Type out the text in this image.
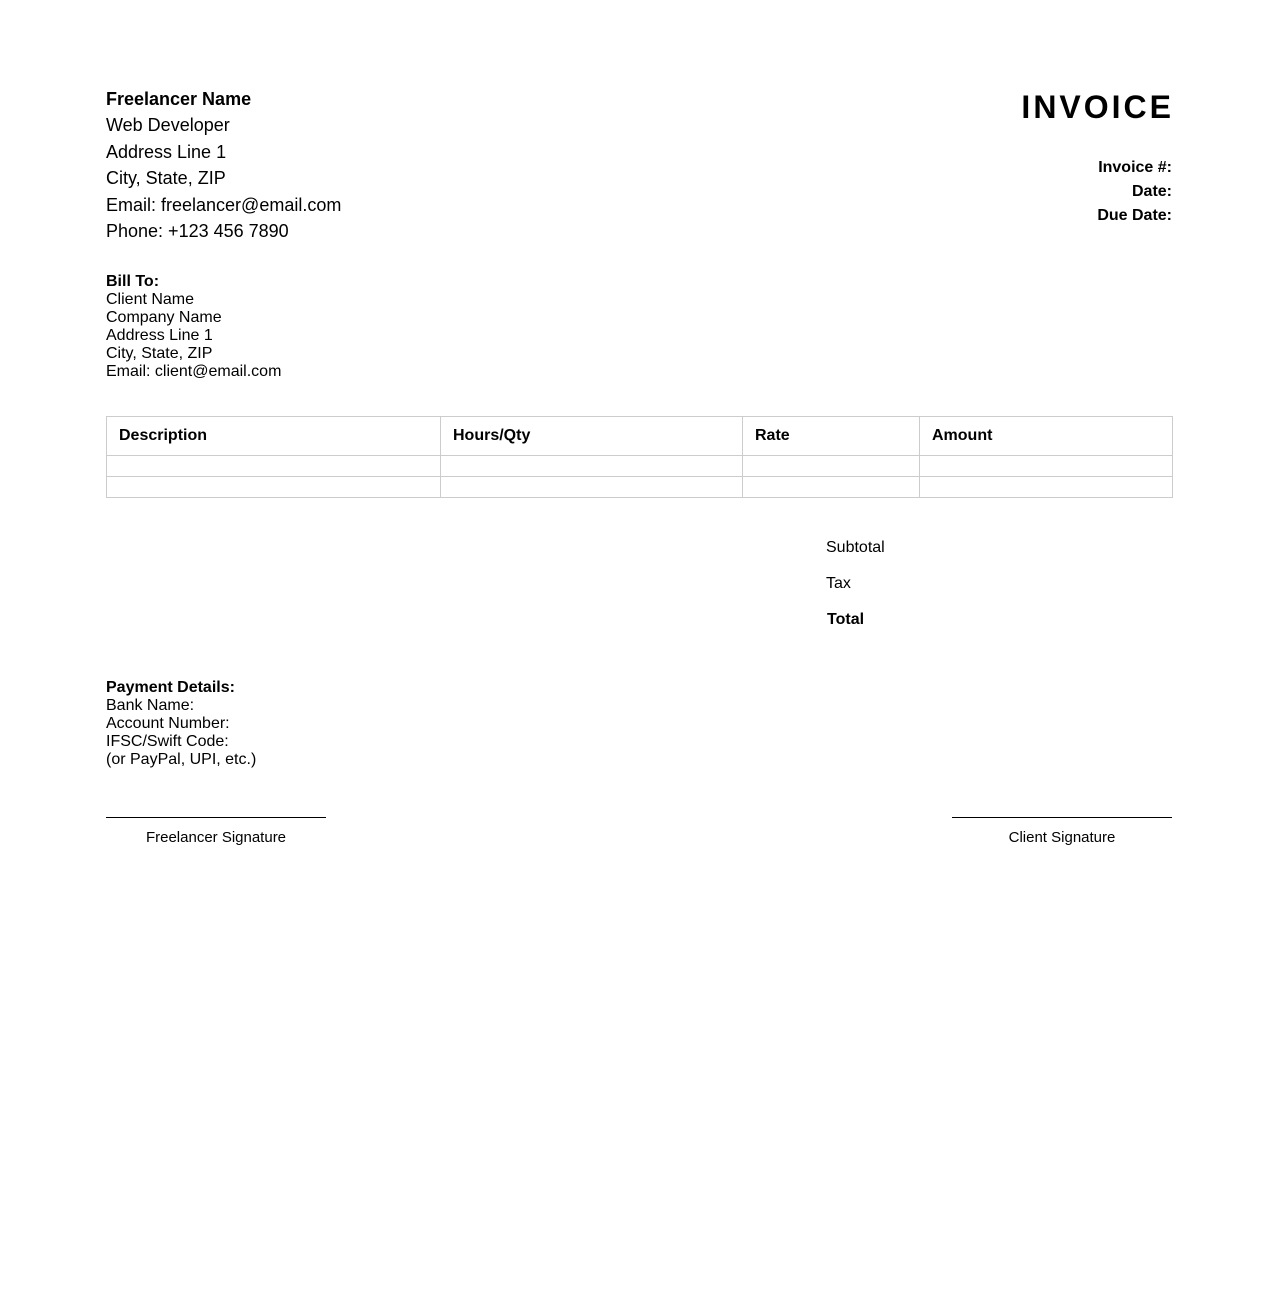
Freelancer Name
Web Developer
Address Line 1
City, State, ZIP
Email: freelancer@email.com
Phone: +123 456 7890
INVOICE
Invoice #:
Date:
Due Date:
Bill To:
Client Name
Company Name
Address Line 1
City, State, ZIP
Email: client@email.com
Description	Hours/Qty	Rate	Amount

Subtotal
Tax
Total
Payment Details:
Bank Name:
Account Number:
IFSC/Swift Code:
(or PayPal, UPI, etc.)
Freelancer Signature	Client Signature
